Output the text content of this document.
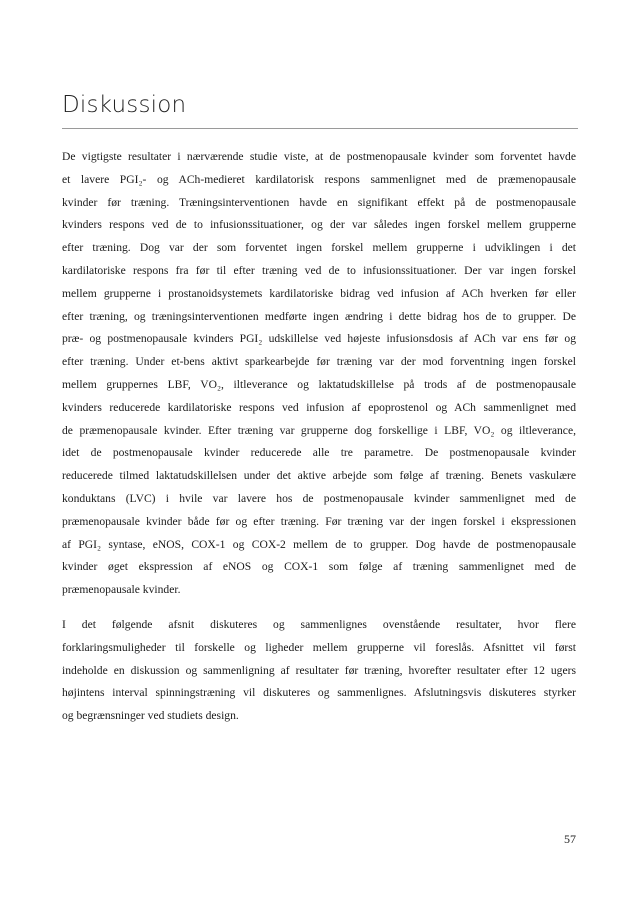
Diskussion

De vigtigste resultater i nærværende studie viste, at de postmenopausale kvinder som forventet havde
et lavere PGI₂- og ACh-medieret kardilatorisk respons sammenlignet med de præmenopausale
kvinder før træning. Træningsinterventionen havde en signifikant effekt på de postmenopausale
kvinders respons ved de to infusionssituationer, og der var således ingen forskel mellem grupperne
efter træning. Dog var der som forventet ingen forskel mellem grupperne i udviklingen i det
kardilatoriske respons fra før til efter træning ved de to infusionssituationer. Der var ingen forskel
mellem grupperne i prostanoidsystemets kardilatoriske bidrag ved infusion af ACh hverken før eller
efter træning, og træningsinterventionen medførte ingen ændring i dette bidrag hos de to grupper. De
præ- og postmenopausale kvinders PGI₂ udskillelse ved højeste infusionsdosis af ACh var ens før og
efter træning. Under et-bens aktivt sparkearbejde før træning var der mod forventning ingen forskel
mellem gruppernes LBF, VO₂, iltleverance og laktatudskillelse på trods af de postmenopausale
kvinders reducerede kardilatoriske respons ved infusion af epoprostenol og ACh sammenlignet med
de præmenopausale kvinder. Efter træning var grupperne dog forskellige i LBF, VO₂ og iltleverance,
idet de postmenopausale kvinder reducerede alle tre parametre. De postmenopausale kvinder
reducerede tilmed laktatudskillelsen under det aktive arbejde som følge af træning. Benets vaskulære
konduktans (LVC) i hvile var lavere hos de postmenopausale kvinder sammenlignet med de
præmenopausale kvinder både før og efter træning. Før træning var der ingen forskel i ekspressionen
af PGI₂ syntase, eNOS, COX-1 og COX-2 mellem de to grupper. Dog havde de postmenopausale
kvinder øget ekspression af eNOS og COX-1 som følge af træning sammenlignet med de
præmenopausale kvinder.

I det følgende afsnit diskuteres og sammenlignes ovenstående resultater, hvor flere
forklaringsmuligheder til forskelle og ligheder mellem grupperne vil foreslås. Afsnittet vil først
indeholde en diskussion og sammenligning af resultater før træning, hvorefter resultater efter 12 ugers
højintens interval spinningstræning vil diskuteres og sammenlignes. Afslutningsvis diskuteres styrker
og begrænsninger ved studiets design.

57
